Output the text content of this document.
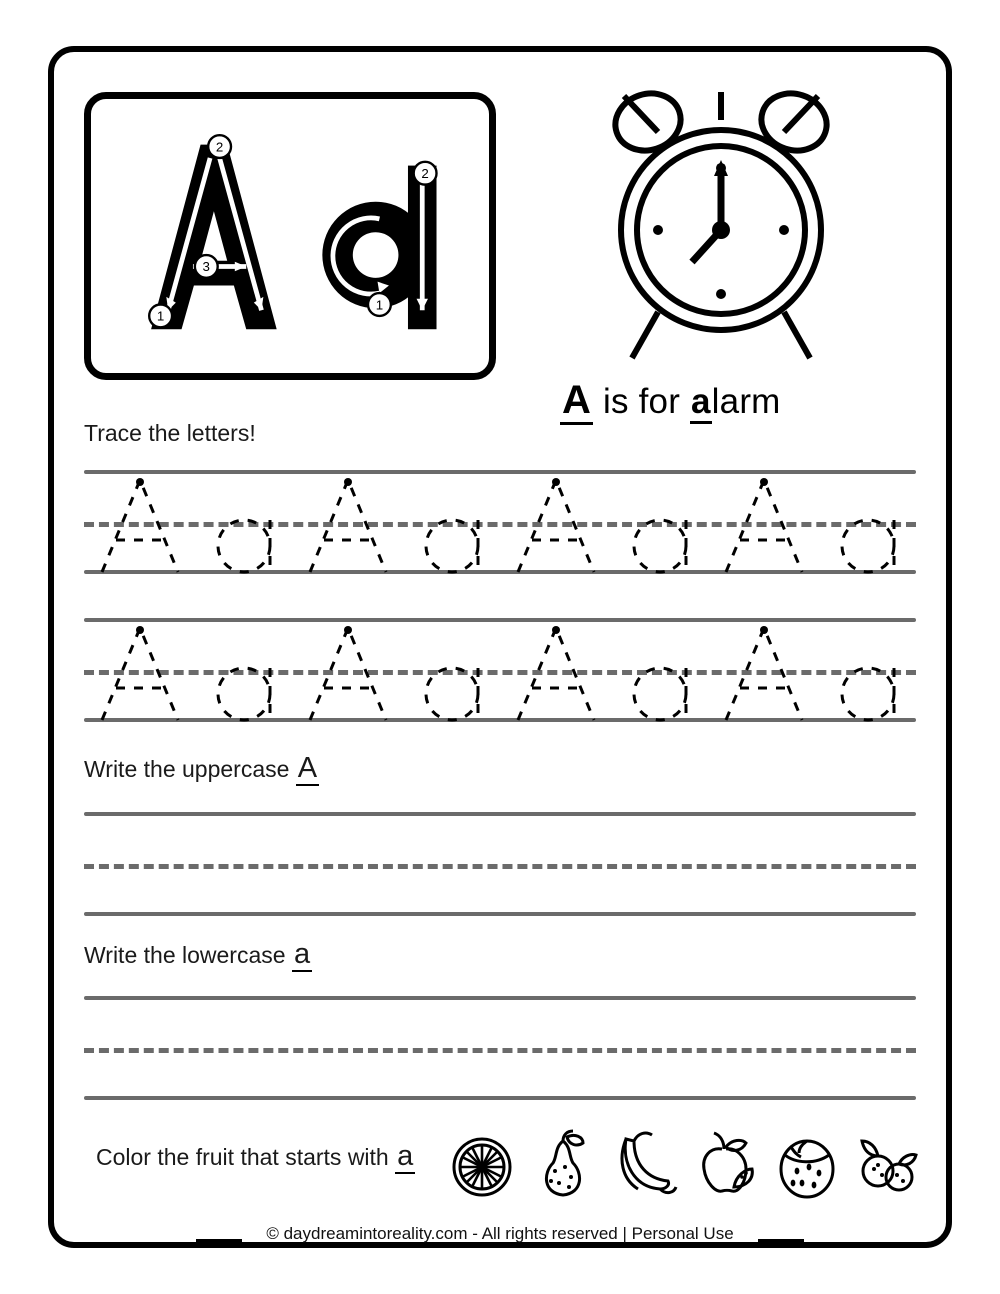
1
2
3
1
2
A is for alarm
Trace the letters!
Write the uppercase A
Write the lowercase a
Color the fruit that starts with a
© daydreamintoreality.com - All rights reserved | Personal Use
